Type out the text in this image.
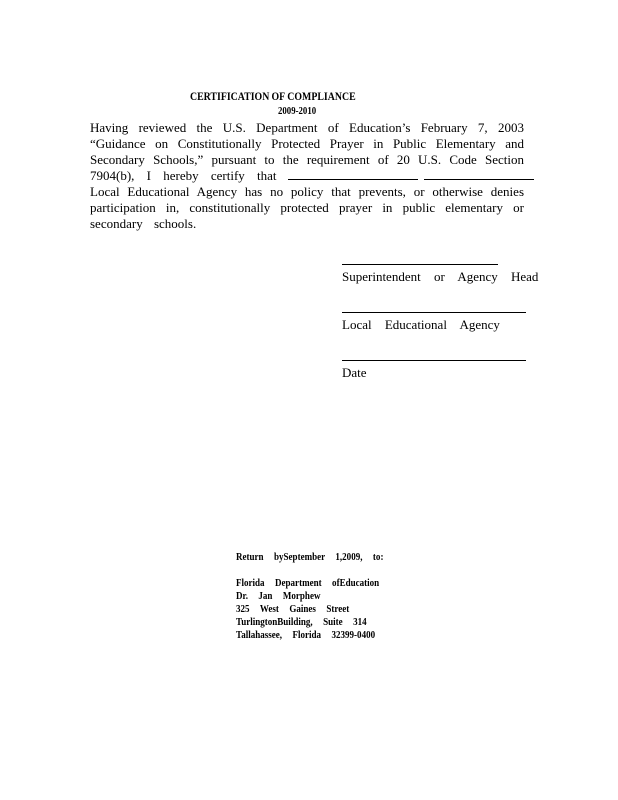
CERTIFICATION OF COMPLIANCE
2009-2010
Having reviewed the U.S. Department of Education’s February 7, 2003
“Guidance on Constitutionally Protected Prayer in Public Elementary and
Secondary Schools,” pursuant to the requirement of 20 U.S. Code Section
7904(b), I hereby certify that
Local Educational Agency has no policy that prevents, or otherwise denies
participation in, constitutionally protected prayer in public elementary or
secondary schools.
Superintendent or Agency Head
Local Educational Agency
Date
Return bySeptember 1,2009, to:
Florida Department ofEducation
Dr. Jan Morphew
325 West Gaines Street
TurlingtonBuilding, Suite 314
Tallahassee, Florida 32399-0400
